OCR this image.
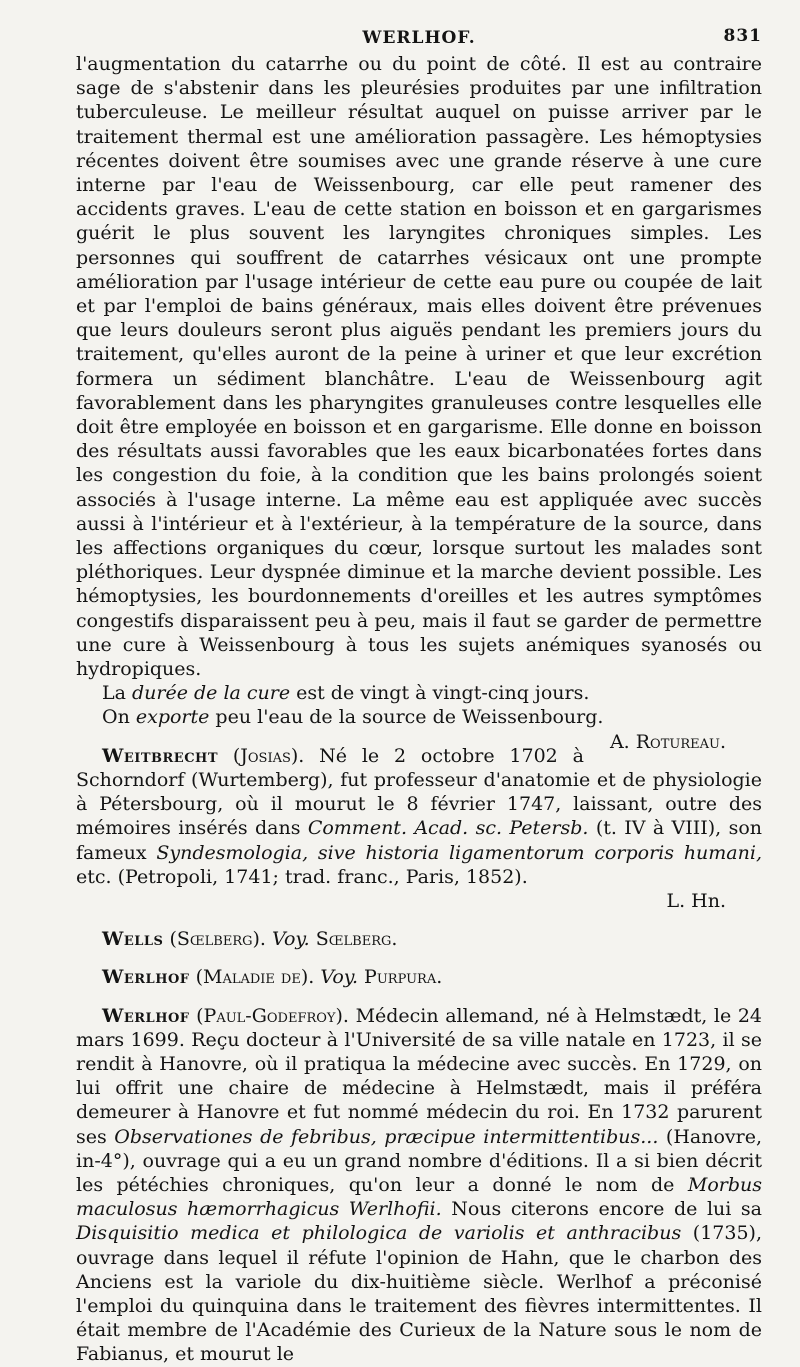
WERLHOF.	831

l'augmentation du catarrhe ou du point de côté. Il est au contraire sage de s'abstenir dans les pleurésies produites par une infiltration tuberculeuse. Le meilleur résultat auquel on puisse arriver par le traitement thermal est une amélioration passagère. Les hémoptysies récentes doivent être soumises avec une grande réserve à une cure interne par l'eau de Weissenbourg, car elle peut ramener des accidents graves. L'eau de cette station en boisson et en gargarismes guérit le plus souvent les laryngites chroniques simples. Les personnes qui souffrent de catarrhes vésicaux ont une prompte amélioration par l'usage intérieur de cette eau pure ou coupée de lait et par l'emploi de bains généraux, mais elles doivent être prévenues que leurs douleurs seront plus aiguës pendant les premiers jours du traitement, qu'elles auront de la peine à uriner et que leur excrétion formera un sédiment blanchâtre. L'eau de Weissenbourg agit favorablement dans les pharyngites granuleuses contre lesquelles elle doit être employée en boisson et en gargarisme. Elle donne en boisson des résultats aussi favorables que les eaux bicarbonatées fortes dans les congestion du foie, à la condition que les bains prolongés soient associés à l'usage interne. La même eau est appliquée avec succès aussi à l'intérieur et à l'extérieur, à la température de la source, dans les affections organiques du cœur, lorsque surtout les malades sont pléthoriques. Leur dyspnée diminue et la marche devient possible. Les hémoptysies, les bourdonnements d'oreilles et les autres symptômes congestifs disparaissent peu à peu, mais il faut se garder de permettre une cure à Weissenbourg à tous les sujets anémiques syanosés ou hydropiques.

La durée de la cure est de vingt à vingt-cinq jours.

On exporte peu l'eau de la source de Weissenbourg.
A. Rotureau.

Weitbrecht (Josias). Né le 2 octobre 1702 à Schorndorf (Wurtemberg), fut professeur d'anatomie et de physiologie à Pétersbourg, où il mourut le 8 février 1747, laissant, outre des mémoires insérés dans Comment. Acad. sc. Petersb. (t. IV à VIII), son fameux Syndesmologia, sive historia ligamentorum corporis humani, etc. (Petropoli, 1741; trad. franc., Paris, 1852).

L. Hn.

Wells (Sœlberg). Voy. Sœlberg.

Werlhof (Maladie de). Voy. Purpura.

Werlhof (Paul-Godefroy). Médecin allemand, né à Helmstædt, le 24 mars 1699. Reçu docteur à l'Université de sa ville natale en 1723, il se rendit à Hanovre, où il pratiqua la médecine avec succès. En 1729, on lui offrit une chaire de médecine à Helmstædt, mais il préféra demeurer à Hanovre et fut nommé médecin du roi. En 1732 parurent ses Observationes de febribus, præcipue intermittentibus... (Hanovre, in-4°), ouvrage qui a eu un grand nombre d'éditions. Il a si bien décrit les pétéchies chroniques, qu'on leur a donné le nom de Morbus maculosus hæmorrhagicus Werlhofii. Nous citerons encore de lui sa Disquisitio medica et philologica de variolis et anthracibus (1735), ouvrage dans lequel il réfute l'opinion de Hahn, que le charbon des Anciens est la variole du dix-huitième siècle. Werlhof a préconisé l'emploi du quinquina dans le traitement des fièvres intermittentes. Il était membre de l'Académie des Curieux de la Nature sous le nom de Fabianus, et mourut le
